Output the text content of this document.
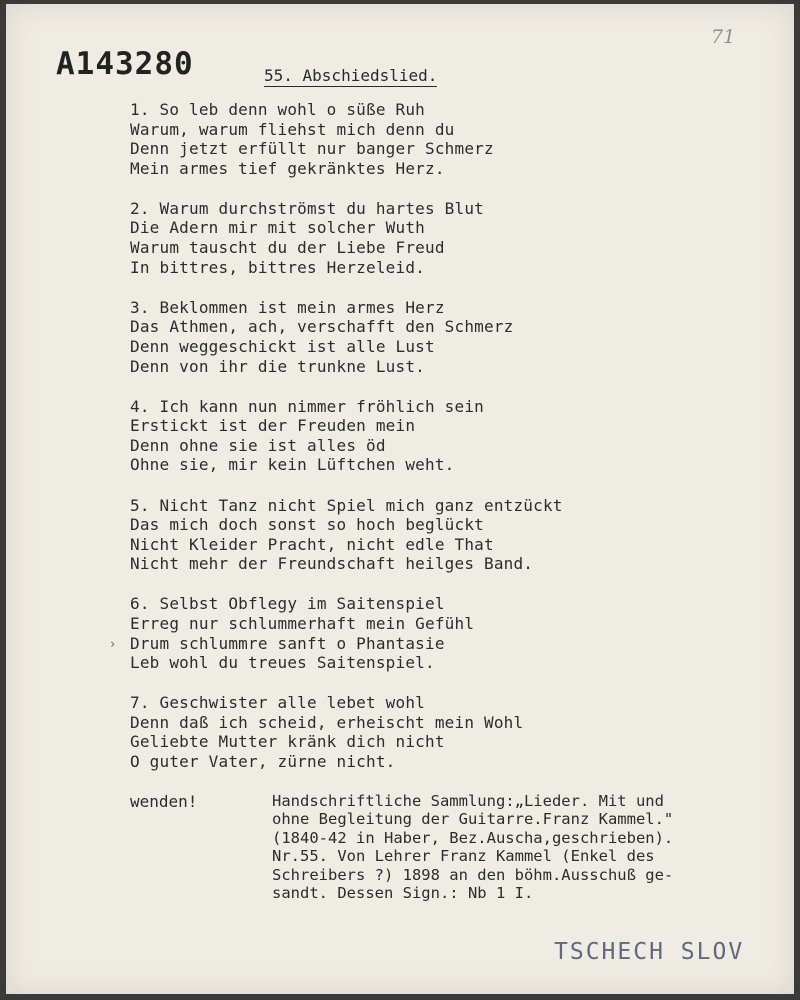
A143280
71
55. Abschiedslied.
1. So leb denn wohl o süße Ruh
Warum, warum fliehst mich denn du
Denn jetzt erfüllt nur banger Schmerz
Mein armes tief gekränktes Herz.
2. Warum durchströmst du hartes Blut
Die Adern mir mit solcher Wuth
Warum tauscht du der Liebe Freud
In bittres, bittres Herzeleid.
3. Beklommen ist mein armes Herz
Das Athmen, ach, verschafft den Schmerz
Denn weggeschickt ist alle Lust
Denn von ihr die trunkne Lust.
4. Ich kann nun nimmer fröhlich sein
Erstickt ist der Freuden mein
Denn ohne sie ist alles öd
Ohne sie, mir kein Lüftchen weht.
5. Nicht Tanz nicht Spiel mich ganz entzückt
Das mich doch sonst so hoch beglückt
Nicht Kleider Pracht, nicht edle That
Nicht mehr der Freundschaft heilges Band.
6. Selbst Obflegy im Saitenspiel
Erreg nur schlummerhaft mein Gefühl
Drum schlummre sanft o Phantasie
Leb wohl du treues Saitenspiel.
7. Geschwister alle lebet wohl
Denn daß ich scheid, erheischt mein Wohl
Geliebte Mutter kränk dich nicht
O guter Vater, zürne nicht.
›
wenden!	Handschriftliche Sammlung:„Lieder. Mit und
ohne Begleitung der Guitarre.Franz Kammel."
(1840-42 in Haber, Bez.Auscha,geschrieben).
Nr.55. Von Lehrer Franz Kammel (Enkel des
Schreibers ?) 1898 an den böhm.Ausschuß ge-
sandt. Dessen Sign.: Nb 1 I.
TSCHECH SLOV
